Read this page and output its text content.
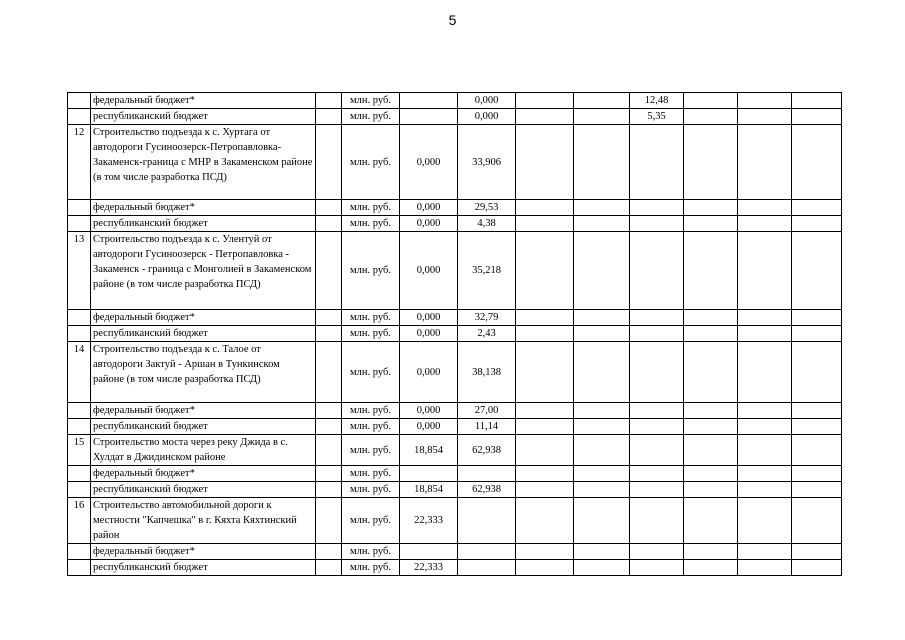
5
	федеральный бюджет*		млн. руб.		0,000			12,48			
	республиканский бюджет		млн. руб.		0,000			5,35			
12	Строительство подъезда к с. Хуртага от автодороги Гусиноозерск-Петропавловка-Закаменск-граница с МНР в Закаменском районе (в том числе разработка ПСД)		млн. руб.	0,000	33,906						
	федеральный бюджет*		млн. руб.	0,000	29,53						
	республиканский бюджет		млн. руб.	0,000	4,38						
13	Строительство подъезда к с. Улентуй от автодороги Гусиноозерск - Петропавловка - Закаменск - граница с Монголией в Закаменском районе (в том числе разработка ПСД)		млн. руб.	0,000	35,218						
	федеральный бюджет*		млн. руб.	0,000	32,79						
	республиканский бюджет		млн. руб.	0,000	2,43						
14	Строительство подъезда к с. Талое от автодороги Зактуй - Аршан в Тункинском районе (в том числе разработка ПСД)		млн. руб.	0,000	38,138						
	федеральный бюджет*		млн. руб.	0,000	27,00						
	республиканский бюджет		млн. руб.	0,000	11,14						
15	Строительство моста через реку Джида в с. Хулдат в Джидинском районе		млн. руб.	18,854	62,938						
	федеральный бюджет*		млн. руб.								
	республиканский бюджет		млн. руб.	18,854	62,938						
16	Строительство автомобильной дороги к местности "Капчешка" в г. Кяхта Кяхтинский район		млн. руб.	22,333							
	федеральный бюджет*		млн. руб.								
	республиканский бюджет		млн. руб.	22,333							
